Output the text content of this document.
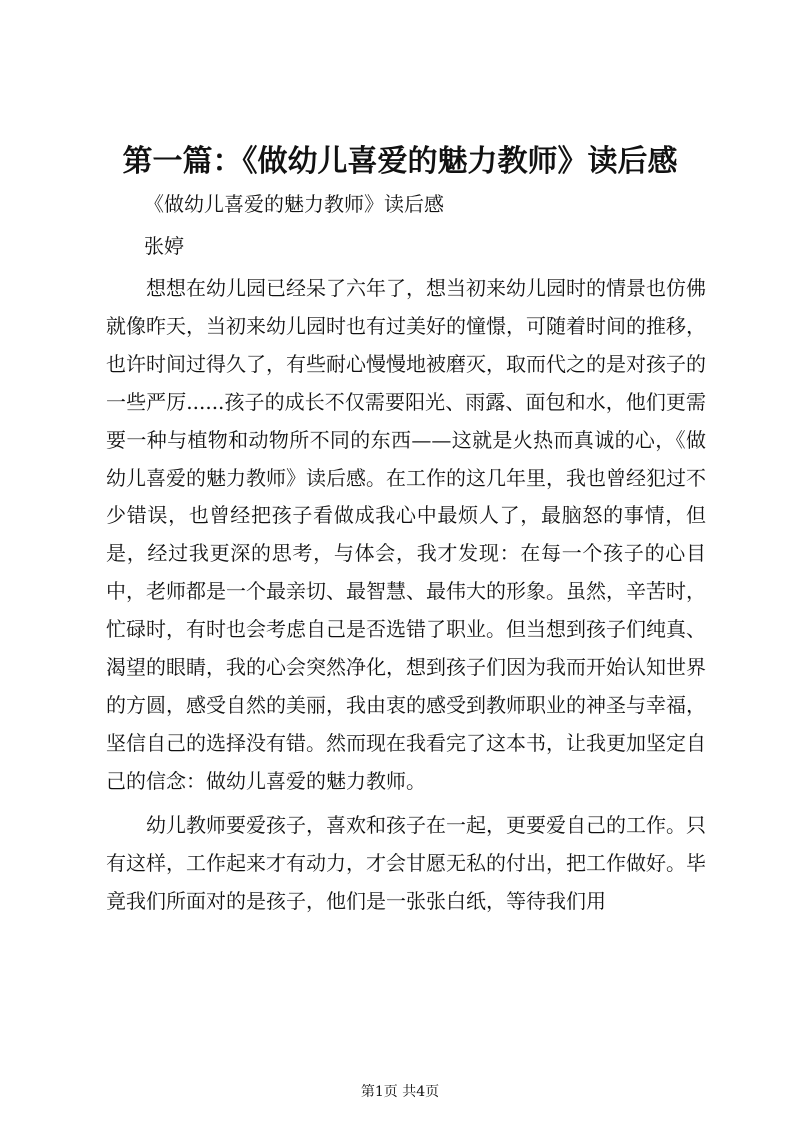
第一篇：《做幼儿喜爱的魅力教师》读后感
《做幼儿喜爱的魅力教师》读后感
张婷

想想在幼儿园已经呆了六年了，想当初来幼儿园时的情景也仿佛就像昨天，当初来幼儿园时也有过美好的憧憬，可随着时间的推移，也许时间过得久了，有些耐心慢慢地被磨灭，取而代之的是对孩子的一些严厉......孩子的成长不仅需要阳光、雨露、面包和水，他们更需要一种与植物和动物所不同的东西——这就是火热而真诚的心，《做幼儿喜爱的魅力教师》读后感。在工作的这几年里，我也曾经犯过不少错误，也曾经把孩子看做成我心中最烦人了，最脑怒的事情，但是，经过我更深的思考，与体会，我才发现：在每一个孩子的心目中，老师都是一个最亲切、最智慧、最伟大的形象。虽然，辛苦时，忙碌时，有时也会考虑自己是否选错了职业。但当想到孩子们纯真、渴望的眼睛，我的心会突然净化，想到孩子们因为我而开始认知世界的方圆，感受自然的美丽，我由衷的感受到教师职业的神圣与幸福，坚信自己的选择没有错。然而现在我看完了这本书，让我更加坚定自己的信念：做幼儿喜爱的魅力教师。

幼儿教师要爱孩子，喜欢和孩子在一起，更要爱自己的工作。只有这样，工作起来才有动力，才会甘愿无私的付出，把工作做好。毕竟我们所面对的是孩子，他们是一张张白纸，等待我们用

第1页 共4页
